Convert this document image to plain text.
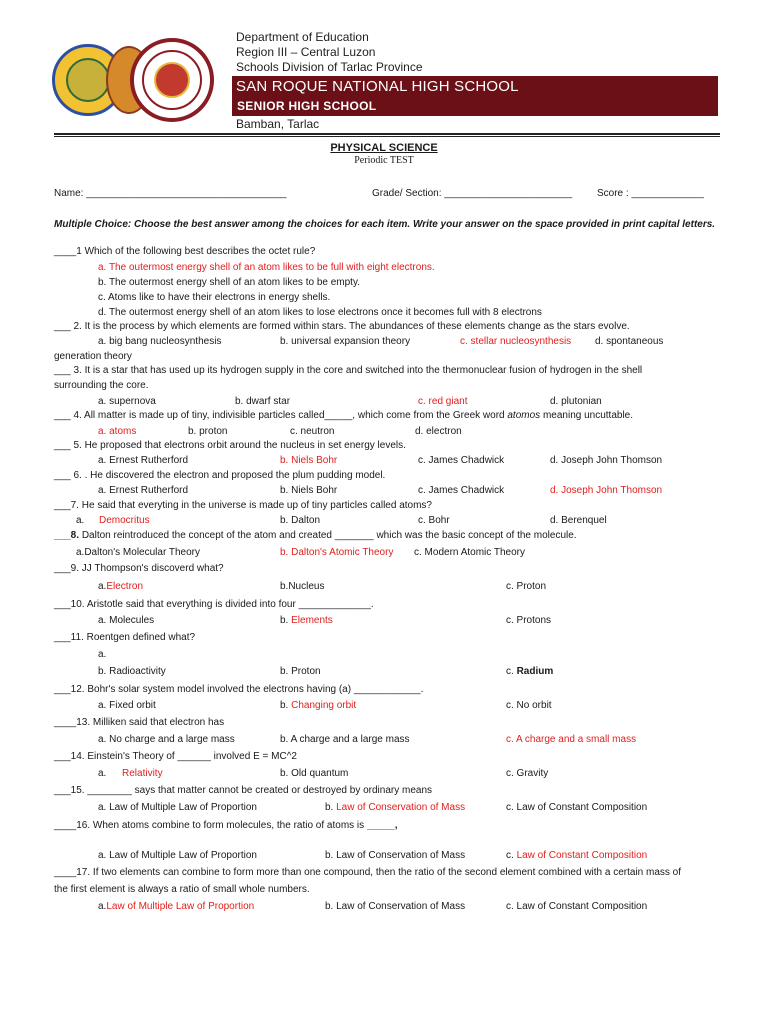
Department of Education
Region III – Central Luzon
Schools Division of Tarlac Province
SAN ROQUE NATIONAL HIGH SCHOOL
SENIOR HIGH SCHOOL
Bamban, Tarlac
PHYSICAL SCIENCE
Periodic TEST
Name: ____________________________________	Grade/ Section: _______________________ Score : _____________
Multiple Choice: Choose the best answer among the choices for each item. Write your answer on the space provided in print capital letters.
____1 Which of the following best describes the octet rule?
a. The outermost energy shell of an atom likes to be full with eight electrons.
b. The outermost energy shell of an atom likes to be empty.
c. Atoms like to have their electrons in energy shells.
d. The outermost energy shell of an atom likes to lose electrons once it becomes full with 8 electrons
___ 2. It is the process by which elements are formed within stars. The abundances of these elements change as the stars evolve.
a. big bang nucleosynthesis	b. universal expansion theory	c. stellar nucleosynthesis d. spontaneous
generation theory
___ 3. It is a star that has used up its hydrogen supply in the core and switched into the thermonuclear fusion of hydrogen in the shell
surrounding the core.
a. supernova	b. dwarf star	c. red giant	d. plutonian
___ 4. All matter is made up of tiny, indivisible particles called_____, which come from the Greek word atomos meaning uncuttable.
a. atoms	b. proton	c. neutron	d. electron
___ 5. He proposed that electrons orbit around the nucleus in set energy levels.
a. Ernest Rutherford	b. Niels Bohr	c. James Chadwick	d. Joseph John Thomson
___ 6. . He discovered the electron and proposed the plum pudding model.
a. Ernest Rutherford	b. Niels Bohr	c. James Chadwick	d. Joseph John Thomson
___7. He said that everyting in the universe is made up of tiny particles called atoms?
a. Democritus	b. Dalton	c. Bohr	d. Berenquel
___8. Dalton reintroduced the concept of the atom and created _______ which was the basic concept of the molecule.
a.Dalton's Molecular Theory	b. Dalton's Atomic Theory c. Modern Atomic Theory
___9. JJ Thompson's discoverd what?
a.Electron	b.Nucleus	c. Proton
___10. Aristotle said that everything is divided into four _____________.
a. Molecules	b. Elements	c. Protons
___11. Roentgen defined what?
a.
b. Radioactivity	b. Proton	c. Radium
___12. Bohr's solar system model involved the electrons having (a) ____________.
a. Fixed orbit	b. Changing orbit	c. No orbit
____13. Milliken said that electron has
a. No charge and a large mass	b. A charge and a large mass	c. A charge and a small mass
___14. Einstein's Theory of ______ involved E = MC^2
a. Relativity	b. Old quantum	c. Gravity
___15. ________ says that matter cannot be created or destroyed by ordinary means
a. Law of Multiple Law of Proportion	b. Law of Conservation of Mass	c. Law of Constant Composition
____16. When atoms combine to form molecules, the ratio of atoms is _____,
a. Law of Multiple Law of Proportion	b. Law of Conservation of Mass	c. Law of Constant Composition
____17. If two elements can combine to form more than one compound, then the ratio of the second element combined with a certain mass of
the first element is always a ratio of small whole numbers.
a.Law of Multiple Law of Proportion	b. Law of Conservation of Mass	c. Law of Constant Composition
